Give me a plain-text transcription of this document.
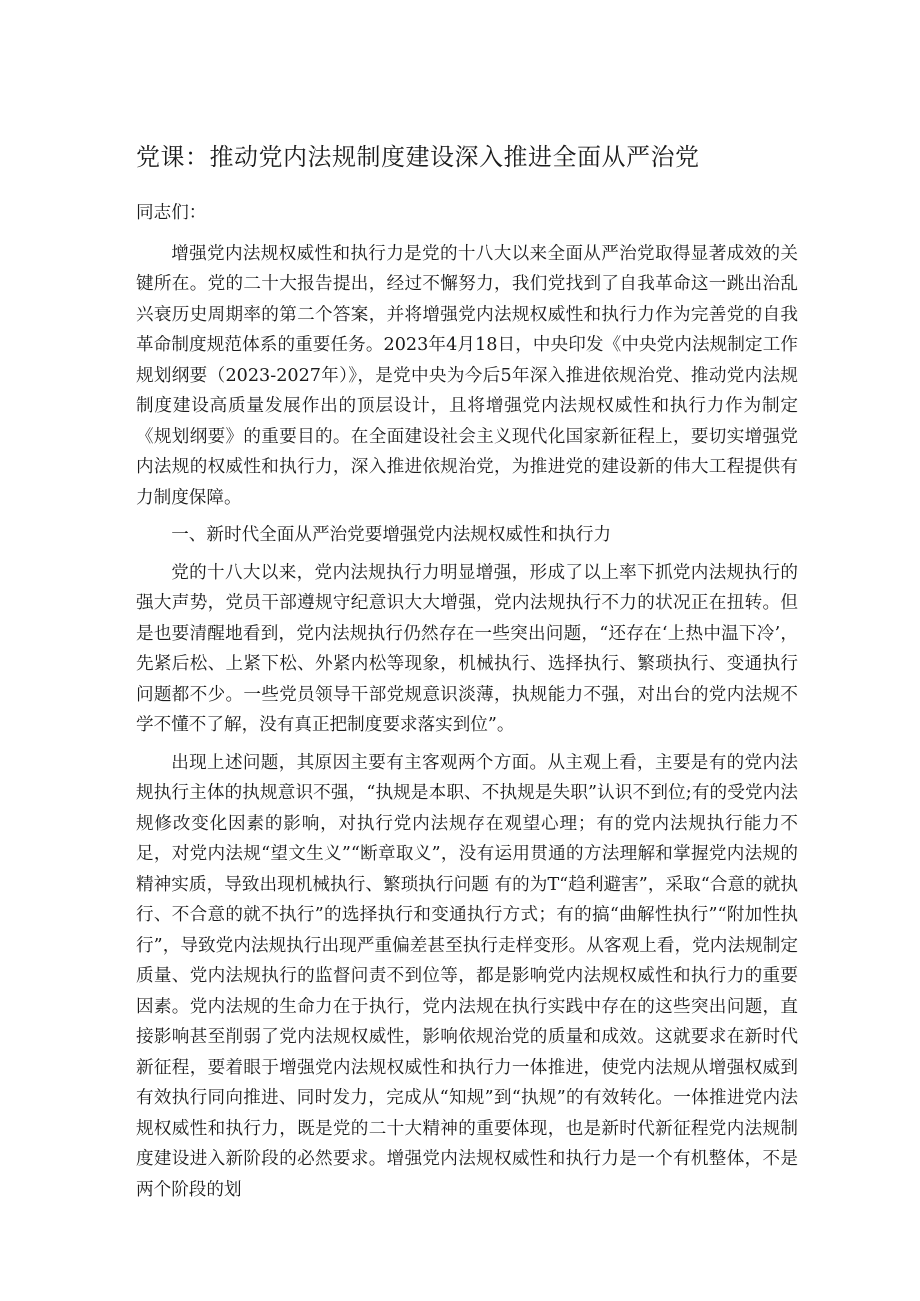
党课：推动党内法规制度建设深入推进全面从严治党

同志们：

增强党内法规权威性和执行力是党的十八大以来全面从严治党取得显著成效的关键所在。党的二十大报告提出，经过不懈努力，我们党找到了自我革命这一跳出治乱兴衰历史周期率的第二个答案，并将增强党内法规权威性和执行力作为完善党的自我革命制度规范体系的重要任务。2023年4月18日，中央印发《中央党内法规制定工作规划纲要（2023-2027年）》，是党中央为今后5年深入推进依规治党、推动党内法规制度建设高质量发展作出的顶层设计，且将增强党内法规权威性和执行力作为制定《规划纲要》的重要目的。在全面建设社会主义现代化国家新征程上，要切实增强党内法规的权威性和执行力，深入推进依规治党，为推进党的建设新的伟大工程提供有力制度保障。

一、新时代全面从严治党要增强党内法规权威性和执行力

党的十八大以来，党内法规执行力明显增强，形成了以上率下抓党内法规执行的强大声势，党员干部遵规守纪意识大大增强，党内法规执行不力的状况正在扭转。但是也要清醒地看到，党内法规执行仍然存在一些突出问题，“还存在‘上热中温下冷’，先紧后松、上紧下松、外紧内松等现象，机械执行、选择执行、繁琐执行、变通执行问题都不少。一些党员领导干部党规意识淡薄，执规能力不强，对出台的党内法规不学不懂不了解，没有真正把制度要求落实到位”。

出现上述问题，其原因主要有主客观两个方面。从主观上看，主要是有的党内法规执行主体的执规意识不强，“执规是本职、不执规是失职”认识不到位;有的受党内法规修改变化因素的影响，对执行党内法规存在观望心理；有的党内法规执行能力不足，对党内法规“望文生义”“断章取义”，没有运用贯通的方法理解和掌握党内法规的精神实质，导致出现机械执行、繁琐执行问题 有的为T“趋利避害”，采取“合意的就执行、不合意的就不执行”的选择执行和变通执行方式；有的搞“曲解性执行”“附加性执行”，导致党内法规执行出现严重偏差甚至执行走样变形。从客观上看，党内法规制定质量、党内法规执行的监督问责不到位等，都是影响党内法规权威性和执行力的重要因素。党内法规的生命力在于执行，党内法规在执行实践中存在的这些突出问题，直接影响甚至削弱了党内法规权威性，影响依规治党的质量和成效。这就要求在新时代新征程，要着眼于增强党内法规权威性和执行力一体推进，使党内法规从增强权威到有效执行同向推进、同时发力，完成从“知规”到“执规”的有效转化。一体推进党内法规权威性和执行力，既是党的二十大精神的重要体现，也是新时代新征程党内法规制度建设进入新阶段的必然要求。增强党内法规权威性和执行力是一个有机整体，不是两个阶段的划
